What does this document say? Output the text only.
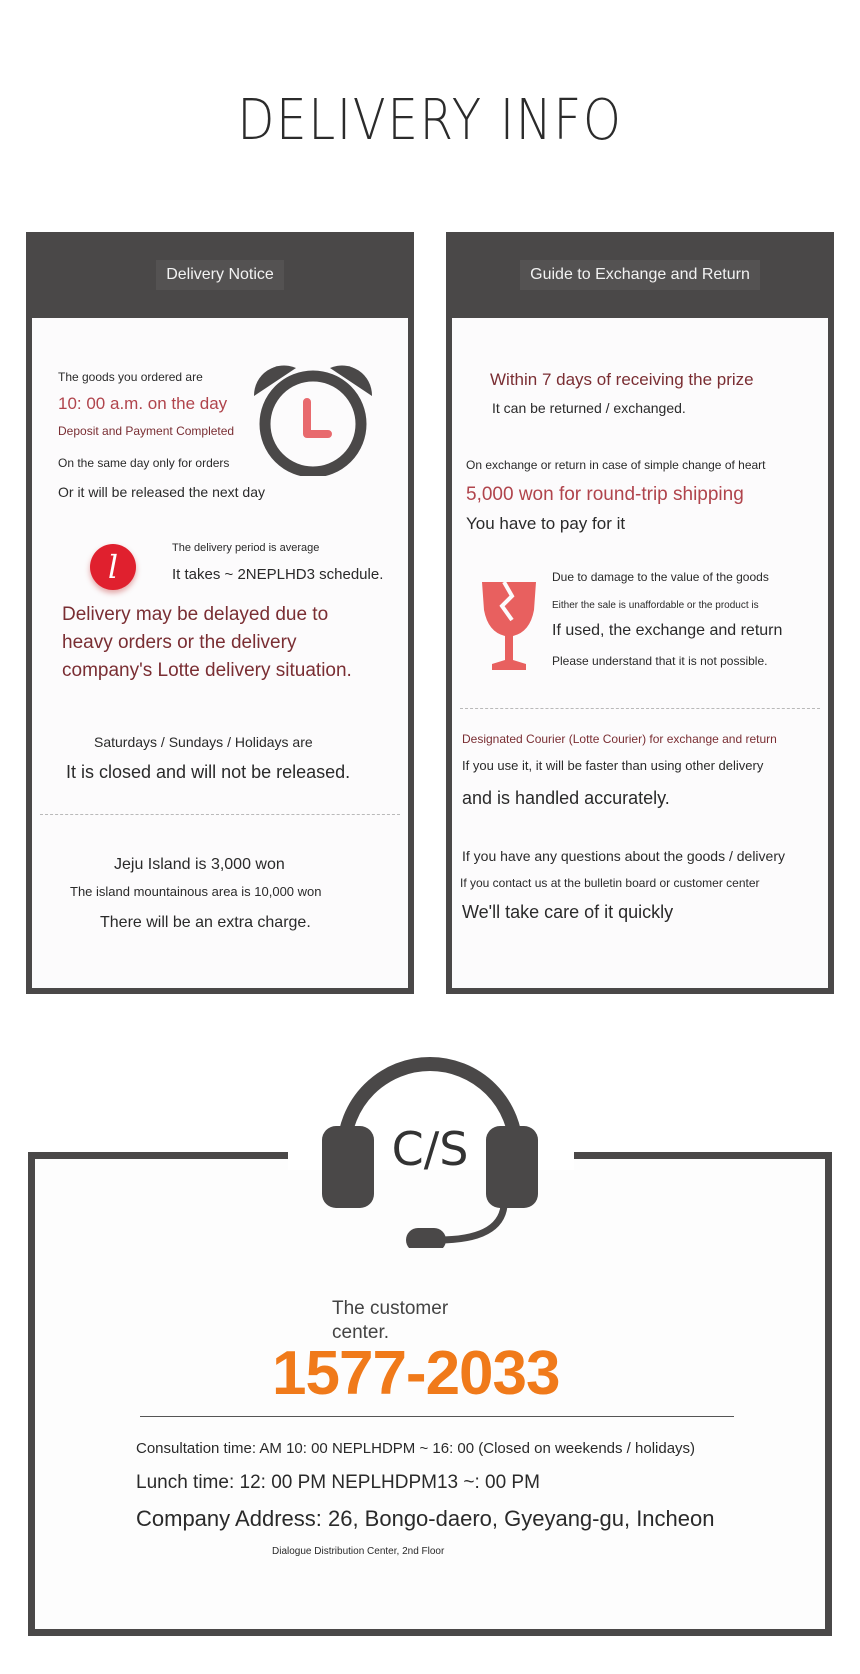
DELIVERY INFO
Delivery Notice
The goods you ordered are
10: 00 a.m. on the day
Deposit and Payment Completed
On the same day only for orders
Or it will be released the next day
l	The delivery period is average
It takes ~ 2NEPLHD3 schedule.
Delivery may be delayed due to
heavy orders or the delivery
company's Lotte delivery situation.
Saturdays / Sundays / Holidays are
It is closed and will not be released.
Jeju Island is 3,000 won
The island mountainous area is 10,000 won
There will be an extra charge.
Guide to Exchange and Return
Within 7 days of receiving the prize
It can be returned / exchanged.
On exchange or return in case of simple change of heart
5,000 won for round-trip shipping
You have to pay for it
Due to damage to the value of the goods
Either the sale is unaffordable or the product is
If used, the exchange and return
Please understand that it is not possible.
Designated Courier (Lotte Courier) for exchange and return
If you use it, it will be faster than using other delivery
and is handled accurately.
If you have any questions about the goods / delivery
If you contact us at the bulletin board or customer center
We'll take care of it quickly
C/S
The customer
center.
1577-2033
Consultation time: AM 10: 00 NEPLHDPM ~ 16: 00 (Closed on weekends / holidays)
Lunch time: 12: 00 PM NEPLHDPM13 ~: 00 PM
Company Address: 26, Bongo-daero, Gyeyang-gu, Incheon
Dialogue Distribution Center, 2nd Floor
